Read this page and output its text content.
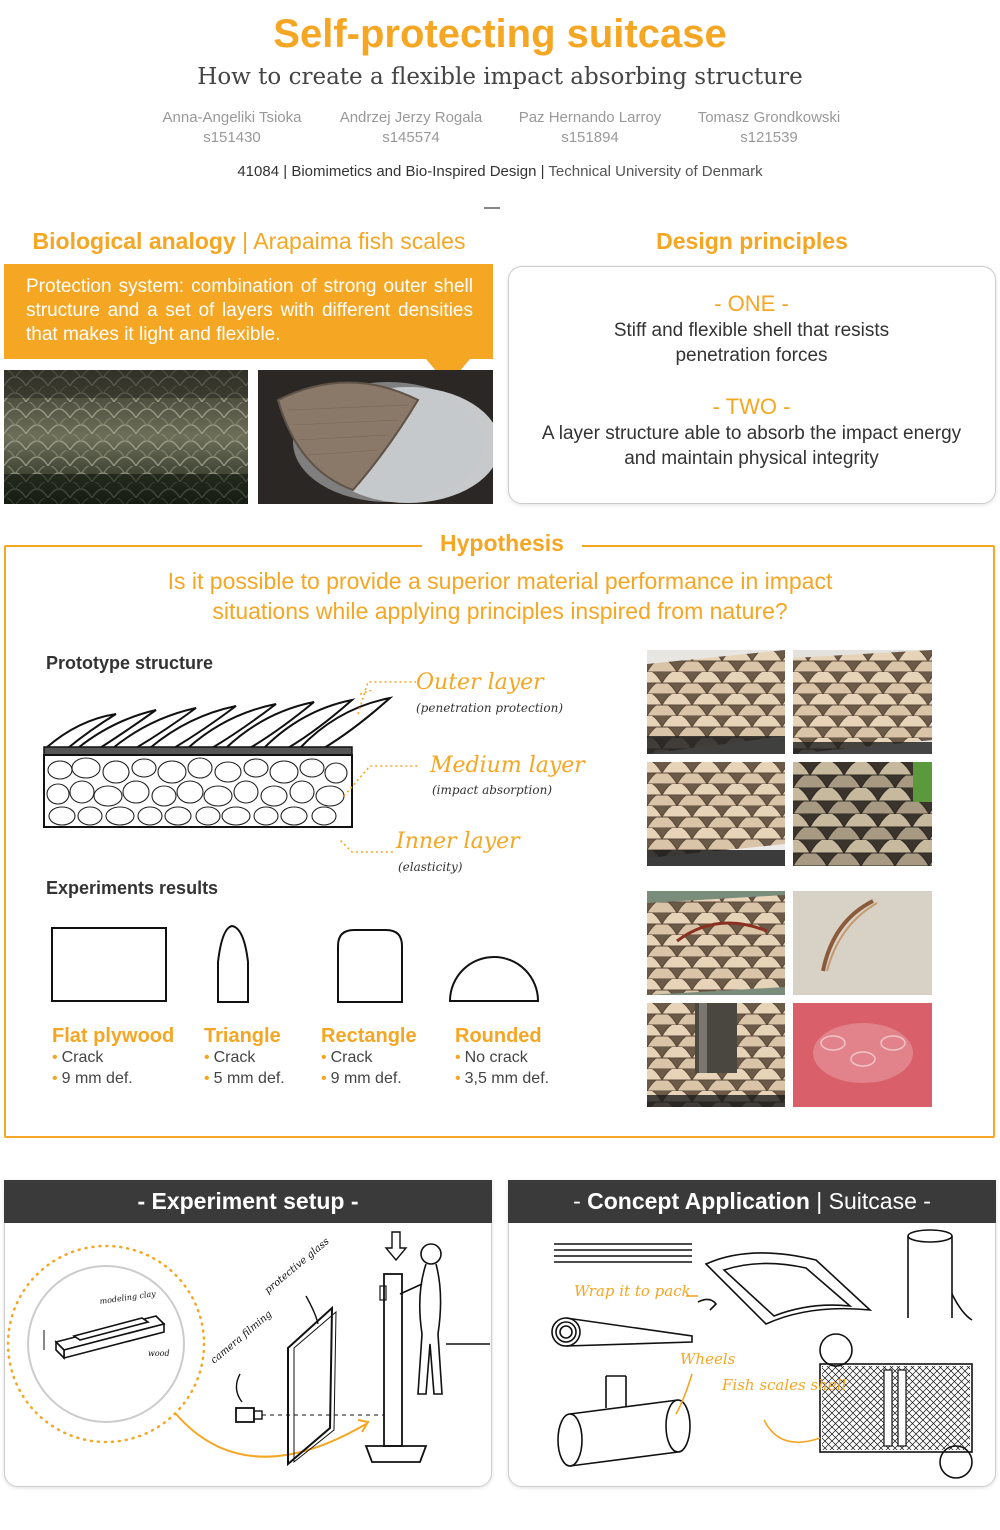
Self-protecting suitcase
How to create a flexible impact absorbing structure
Anna-Angeliki Tsioka
s151430
Andrzej Jerzy Rogala
s145574
Paz Hernando Larroy
s151894
Tomasz Grondkowski
s121539
41084 | Biomimetics and Bio-Inspired Design | Technical University of Denmark
Biological analogy | Arapaima fish scales
Protection system: combination of strong outer shell structure and a set of layers with different densities that makes it light and flexible.
Design principles
- ONE -
Stiff and flexible shell that resists penetration forces
- TWO -
A layer structure able to absorb the impact energy and maintain physical integrity
Hypothesis
Is it possible to provide a superior material performance in impact situations while applying principles inspired from nature?
Prototype structure
Outer layer
(penetration protection)
Medium layer
(impact absorption)
Inner layer
(elasticity)
Experiments results
Flat plywood
• Crack
• 9 mm def.
Triangle
• Crack
• 5 mm def.
Rectangle
• Crack
• 9 mm def.
Rounded
• No crack
• 3,5 mm def.
- Experiment setup -
modeling clay
wood
protective glass
camera filming
- Concept Application | Suitcase -
Wrap it to pack
Wheels
Fish scales shell
